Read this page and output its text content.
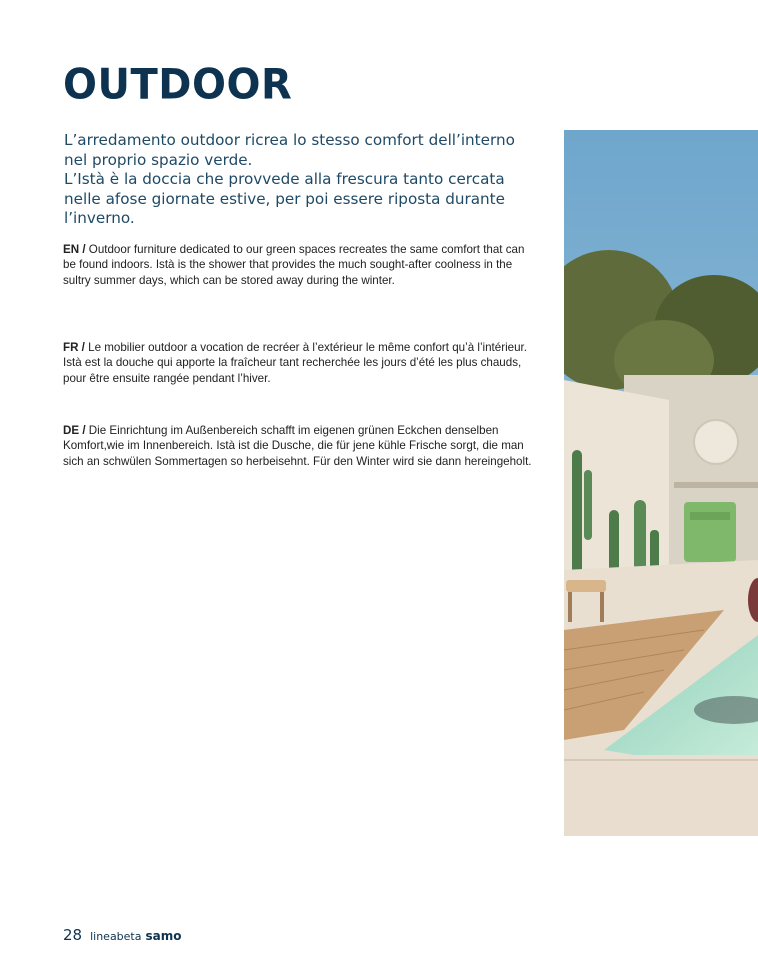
OUTDOOR

L’arredamento outdoor ricrea lo stesso comfort dell’interno nel proprio spazio verde.

L’Istà è la doccia che provvede alla frescura tanto cercata nelle afose giornate estive, per poi essere riposta durante l’inverno.

EN / Outdoor furniture dedicated to our green spaces recreates the same comfort that can be found indoors. Istà is the shower that provides the much sought-after coolness in the sultry summer days, which can be stored away during the winter.

FR / Le mobilier outdoor a vocation de recréer à l’extérieur le même confort qu’à l’intérieur. Istà est la douche qui apporte la fraîcheur tant recherchée les jours d’été les plus chauds, pour être ensuite rangée pendant l’hiver.

DE / Die Einrichtung im Außenbereich schafft im eigenen grünen Eckchen denselben Komfort,wie im Innenbereich. Istà ist die Dusche, die für jene kühle Frische sorgt, die man sich an schwülen Sommertagen so herbeisehnt. Für den Winter wird sie dann hereingeholt.

28 lineabeta samo
